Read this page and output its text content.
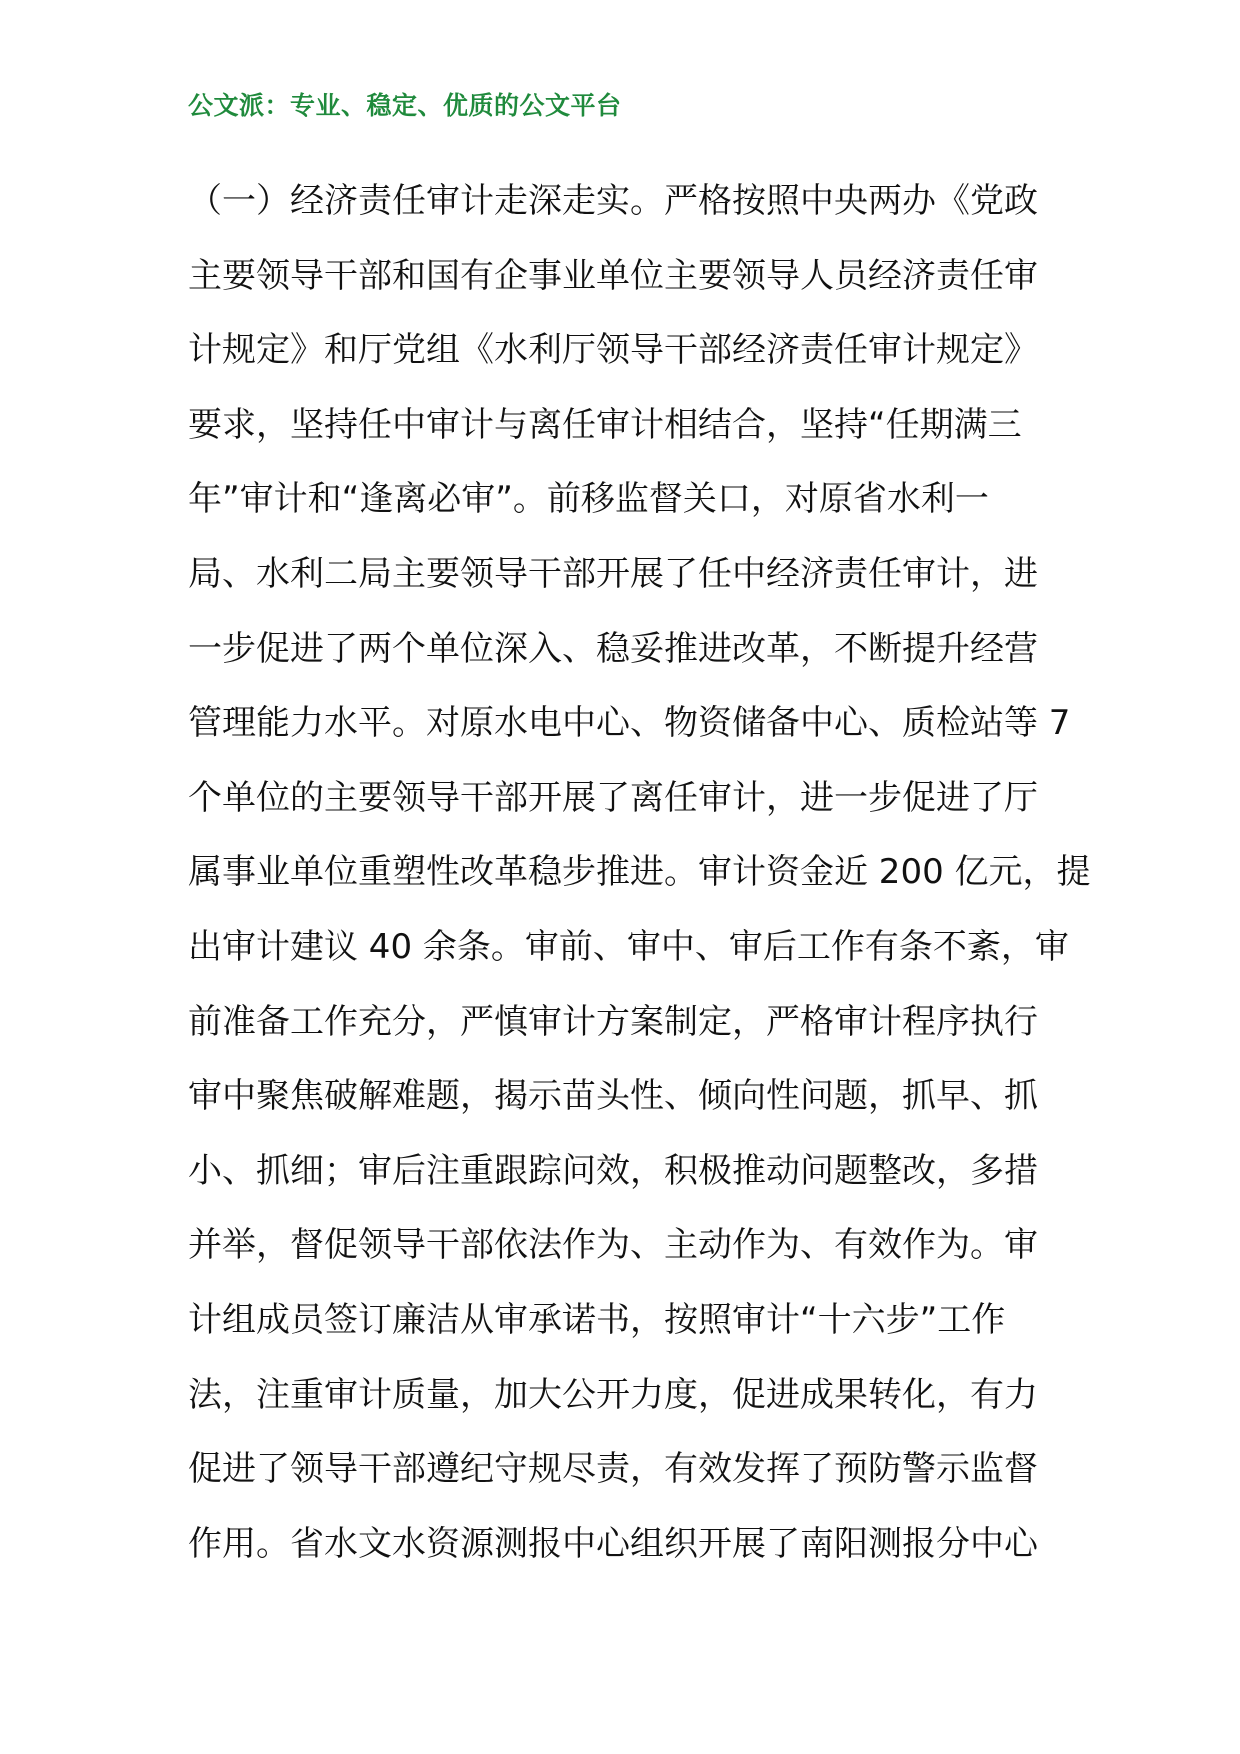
公文派：专业、稳定、优质的公文平台
（一）经济责任审计走深走实。严格按照中央两办《党政
主要领导干部和国有企事业单位主要领导人员经济责任审
计规定》和厅党组《水利厅领导干部经济责任审计规定》
要求，坚持任中审计与离任审计相结合，坚持“任期满三
年”审计和“逢离必审”。前移监督关口，对原省水利一
局、水利二局主要领导干部开展了任中经济责任审计，进
一步促进了两个单位深入、稳妥推进改革，不断提升经营
管理能力水平。对原水电中心、物资储备中心、质检站等 7
个单位的主要领导干部开展了离任审计，进一步促进了厅
属事业单位重塑性改革稳步推进。审计资金近 200 亿元，提
出审计建议 40 余条。审前、审中、审后工作有条不紊，审
前准备工作充分，严慎审计方案制定，严格审计程序执行
审中聚焦破解难题，揭示苗头性、倾向性问题，抓早、抓
小、抓细；审后注重跟踪问效，积极推动问题整改，多措
并举，督促领导干部依法作为、主动作为、有效作为。审
计组成员签订廉洁从审承诺书，按照审计“十六步”工作
法，注重审计质量，加大公开力度，促进成果转化，有力
促进了领导干部遵纪守规尽责，有效发挥了预防警示监督
作用。省水文水资源测报中心组织开展了南阳测报分中心
